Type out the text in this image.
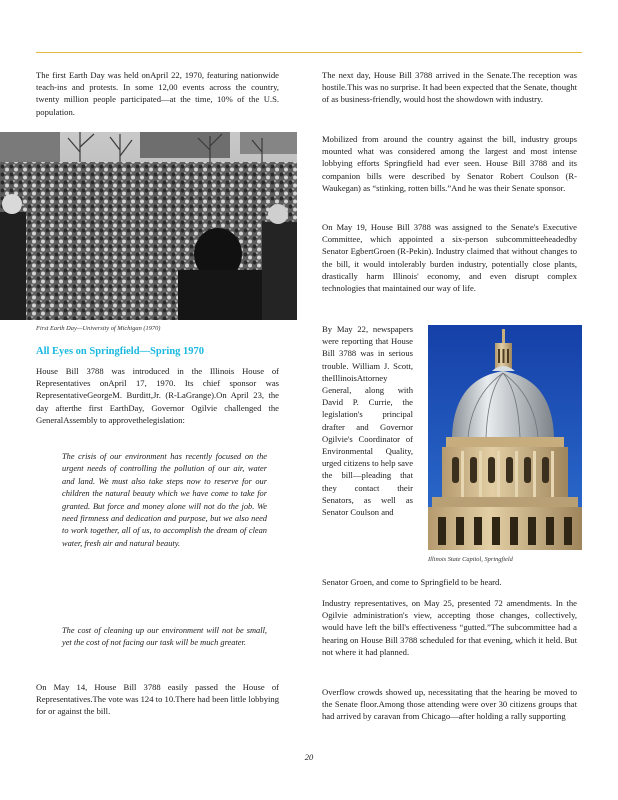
The first Earth Day was held onApril 22, 1970, featuring nationwide teach-ins and protests. In some 12,00 events across the country, twenty million people participated—at the time, 10% of the U.S. population.

First Earth Day—University of Michigan (1970)
All Eyes on Springfield—Spring 1970

House Bill 3788 was introduced in the Illinois House of Representatives onApril 17, 1970. Its chief sponsor was RepresentativeGeorgeM. Burditt,Jr. (R-LaGrange).On April 23, the day afterthe first EarthDay, Governor Ogilvie challenged the GeneralAssembly to approvethelegislation:

The crisis of our environment has recently focused on the urgent needs of controlling the pollution of our air, water and land. We must also take steps now to reserve for our children the natural beauty which we have come to take for granted. But force and money alone will not do the job. We need firmness and dedication and purpose, but we also need to work together, all of us, to accomplish the dream of clean water, fresh air and natural beauty.

The cost of cleaning up our environment will not be small, yet the cost of not facing our task will be much greater.

On May 14, House Bill 3788 easily passed the House of Representatives.The vote was 124 to 10.There had been little lobbying for or against the bill.

The next day, House Bill 3788 arrived in the Senate.The reception was hostile.This was no surprise. It had been expected that the Senate, thought of as business-friendly, would host the showdown with industry.

Mobilized from around the country against the bill, industry groups mounted what was considered among the largest and most intense lobbying efforts Springfield had ever seen. House Bill 3788 and its companion bills were described by Senator Robert Coulson (R-Waukegan) as “stinking, rotten bills.”And he was their Senate sponsor.

On May 19, House Bill 3788 was assigned to the Senate's Executive Committee, which appointed a six-person subcommitteeheadedby Senator EgbertGroen (R-Pekin). Industry claimed that without changes to the bill, it would intolerably burden industry, potentially close plants, drastically harm Illinois' economy, and even disrupt complex technologies that maintained our way of life.

By May 22, newspapers were reporting that House Bill 3788 was in serious trouble. William J. Scott, theIllinoisAttorney General, along with David P. Currie, the legislation's principal drafter and Governor Ogilvie's Coordinator of Environmental Quality, urged citizens to help save the bill—pleading that they contact their Senators, as well as Senator Coulson and

Senator Groen, and come to Springfield to be heard.

Illinois State Capitol, Springfield

Industry representatives, on May 25, presented 72 amendments. In the Ogilvie administration's view, accepting those changes, collectively, would have left the bill's effectiveness “gutted.”The subcommittee had a hearing on House Bill 3788 scheduled for that evening, which it held. But not where it had planned.

Overflow crowds showed up, necessitating that the hearing be moved to the Senate floor.Among those attending were over 30 citizens groups that had arrived by caravan from Chicago—after holding a rally supporting

20
